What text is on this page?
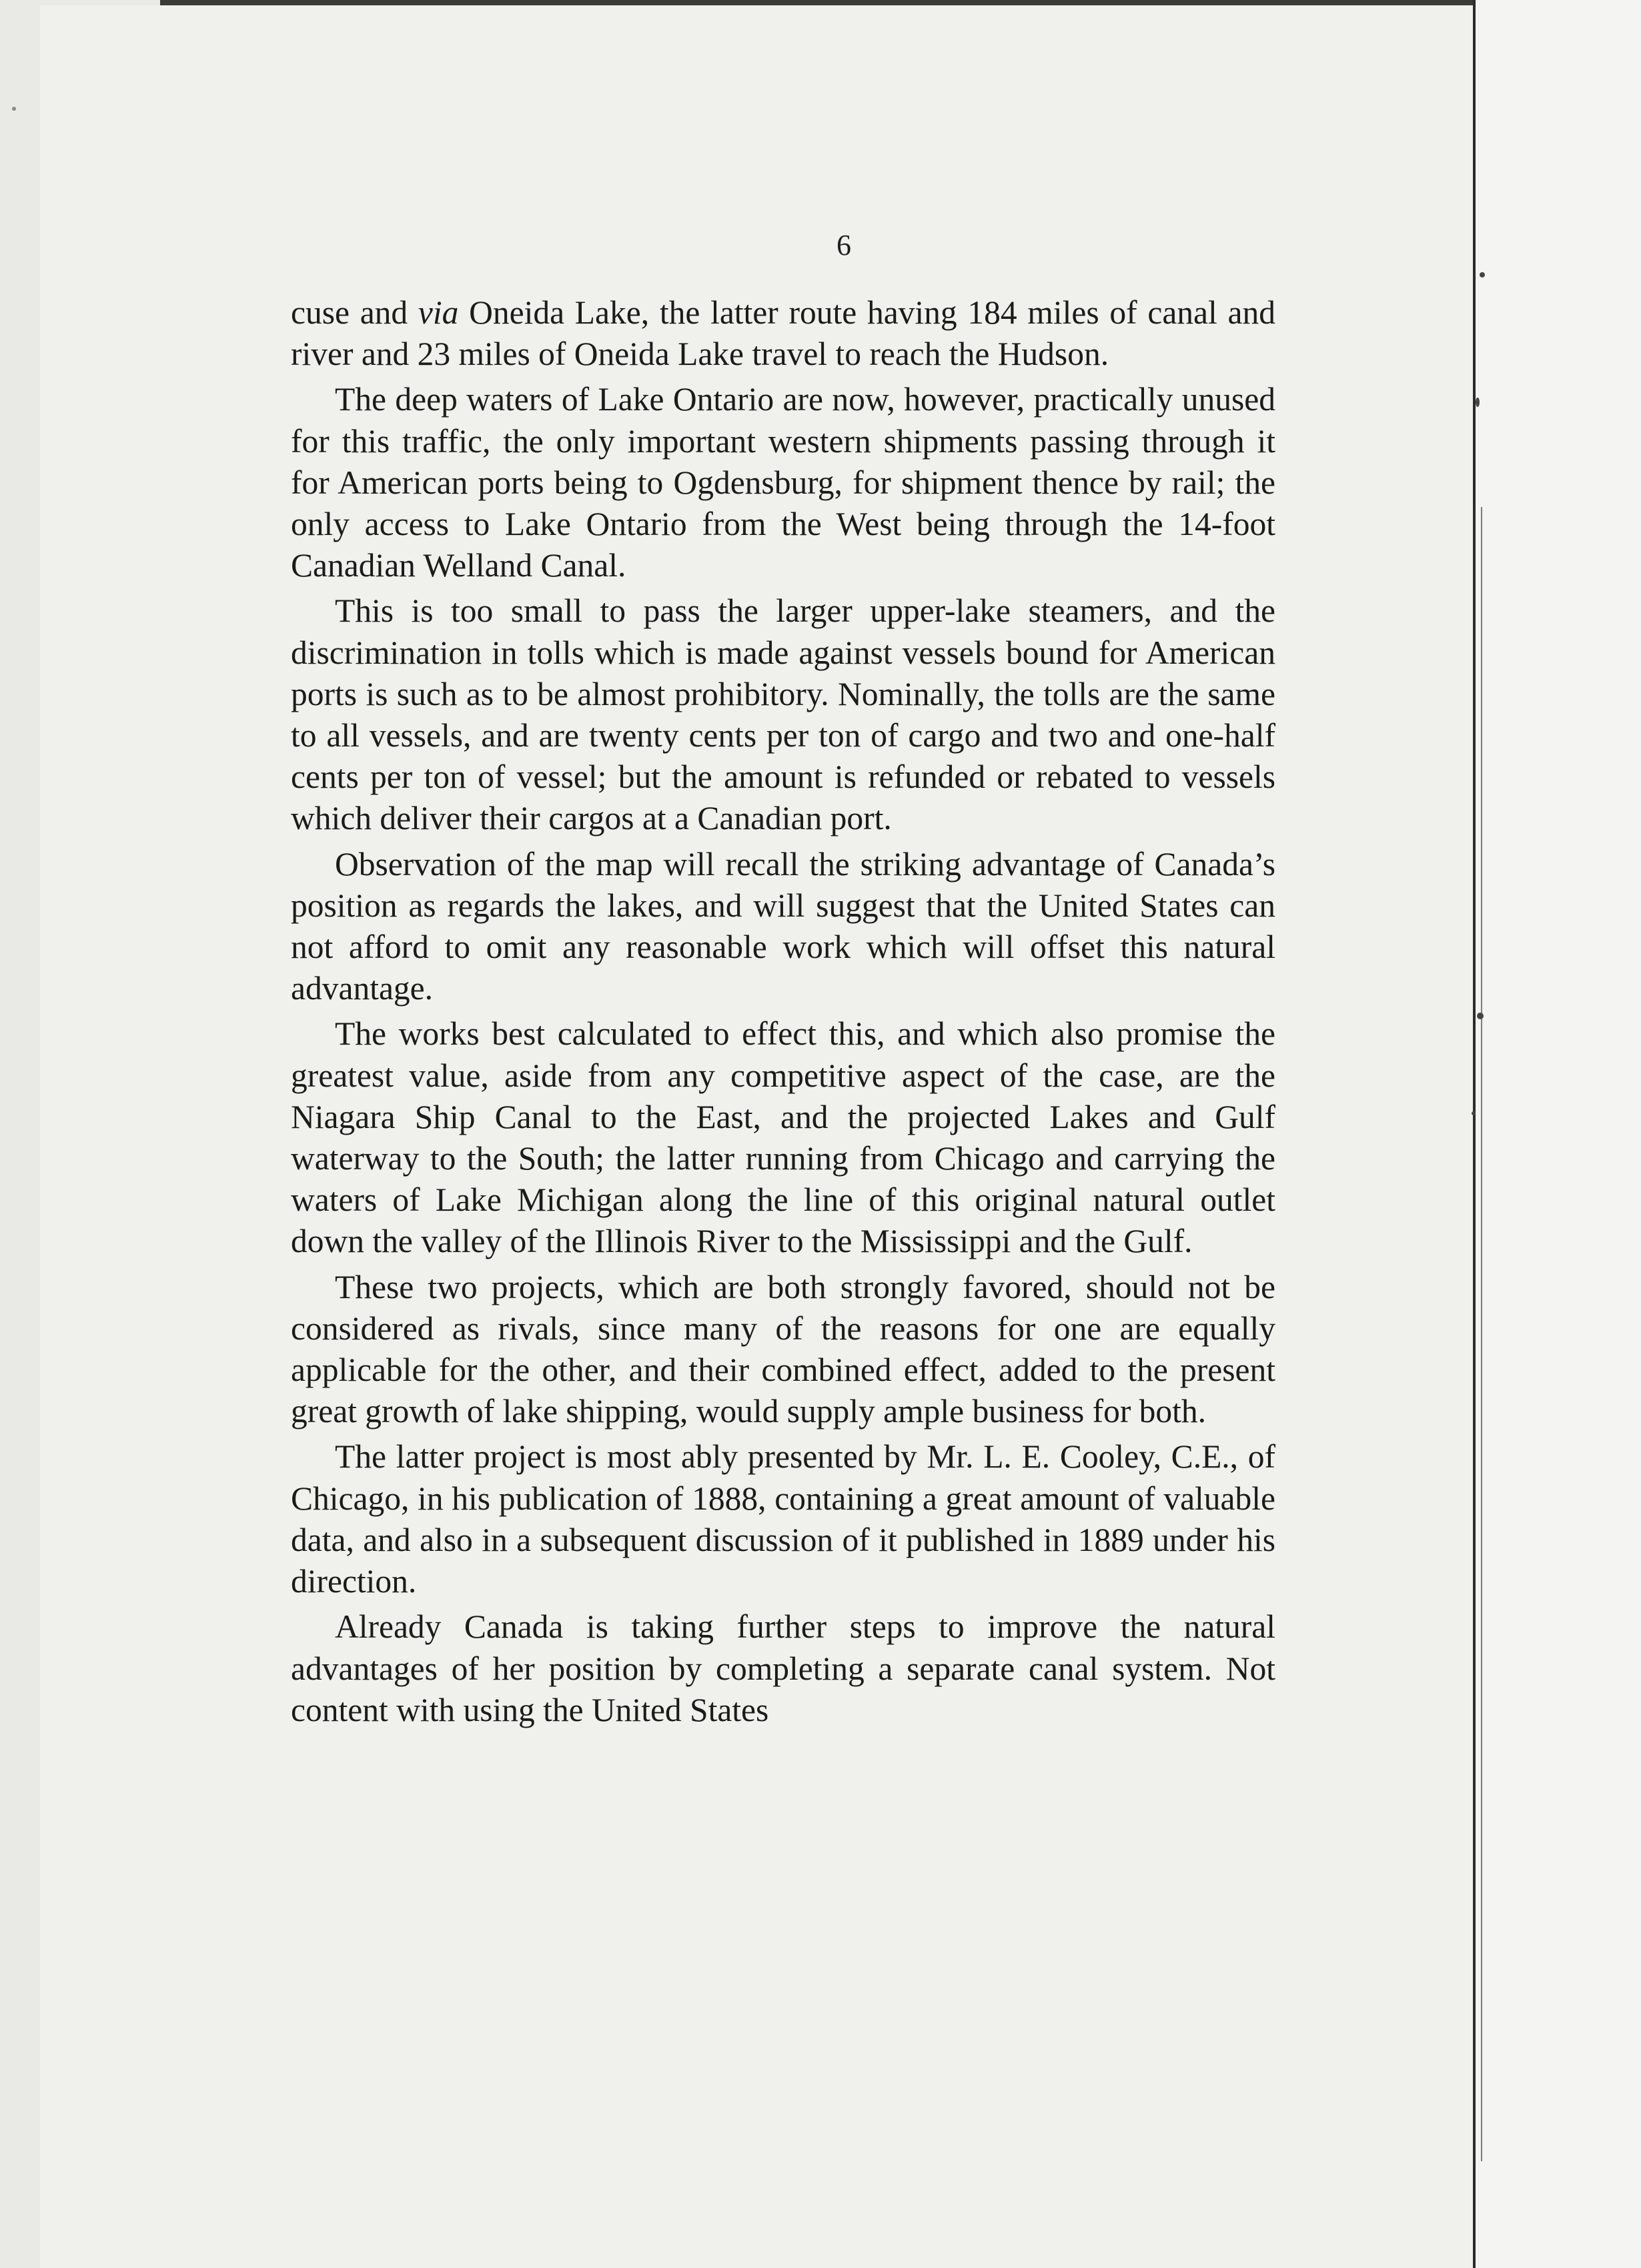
6

cuse and via Oneida Lake, the latter route having 184 miles of canal and river and 23 miles of Oneida Lake travel to reach the Hudson.

The deep waters of Lake Ontario are now, however, practically unused for this traffic, the only important western shipments passing through it for American ports being to Ogdensburg, for shipment thence by rail; the only access to Lake Ontario from the West being through the 14-foot Canadian Welland Canal.

This is too small to pass the larger upper-lake steamers, and the discrimination in tolls which is made against vessels bound for American ports is such as to be almost prohibitory. Nominally, the tolls are the same to all vessels, and are twenty cents per ton of cargo and two and one-half cents per ton of vessel; but the amount is refunded or rebated to vessels which deliver their cargos at a Canadian port.

Observation of the map will recall the striking advantage of Canada’s position as regards the lakes, and will suggest that the United States can not afford to omit any reasonable work which will offset this natural advantage.

The works best calculated to effect this, and which also promise the greatest value, aside from any competitive aspect of the case, are the Niagara Ship Canal to the East, and the projected Lakes and Gulf waterway to the South; the latter running from Chicago and carrying the waters of Lake Michigan along the line of this original natural outlet down the valley of the Illinois River to the Mississippi and the Gulf.

These two projects, which are both strongly favored, should not be considered as rivals, since many of the reasons for one are equally applicable for the other, and their combined effect, added to the present great growth of lake shipping, would supply ample business for both.

The latter project is most ably presented by Mr. L. E. Cooley, C.E., of Chicago, in his publication of 1888, containing a great amount of valuable data, and also in a subsequent discussion of it published in 1889 under his direction.

Already Canada is taking further steps to improve the natural advantages of her position by completing a separate canal system. Not content with using the United States
